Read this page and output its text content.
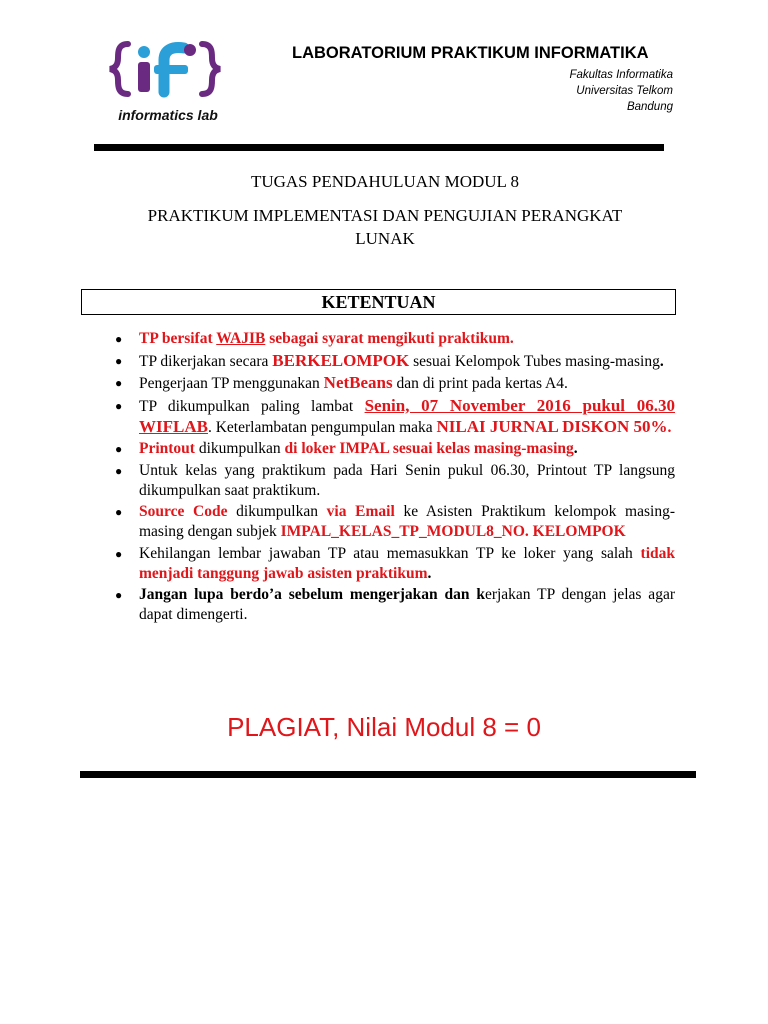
informatics lab
LABORATORIUM PRAKTIKUM INFORMATIKA
Fakultas Informatika
Universitas Telkom
Bandung
TUGAS PENDAHULUAN MODUL 8
PRAKTIKUM IMPLEMENTASI DAN PENGUJIAN PERANGKAT
LUNAK
KETENTUAN
● TP bersifat WAJIB sebagai syarat mengikuti praktikum.
● TP dikerjakan secara BERKELOMPOK sesuai Kelompok Tubes masing-masing.
● Pengerjaan TP menggunakan NetBeans dan di print pada kertas A4.
● TP dikumpulkan paling lambat Senin, 07 November 2016 pukul 06.30 WIFLAB. Keterlambatan pengumpulan maka NILAI JURNAL DISKON 50%.
● Printout dikumpulkan di loker IMPAL sesuai kelas masing-masing.
● Untuk kelas yang praktikum pada Hari Senin pukul 06.30, Printout TP langsung dikumpulkan saat praktikum.
● Source Code dikumpulkan via Email ke Asisten Praktikum kelompok masing-masing dengan subjek IMPAL_KELAS_TP_MODUL8_NO. KELOMPOK
● Kehilangan lembar jawaban TP atau memasukkan TP ke loker yang salah tidak menjadi tanggung jawab asisten praktikum.
● Jangan lupa berdo’a sebelum mengerjakan dan kerjakan TP dengan jelas agar dapat dimengerti.
PLAGIAT, Nilai Modul 8 = 0
